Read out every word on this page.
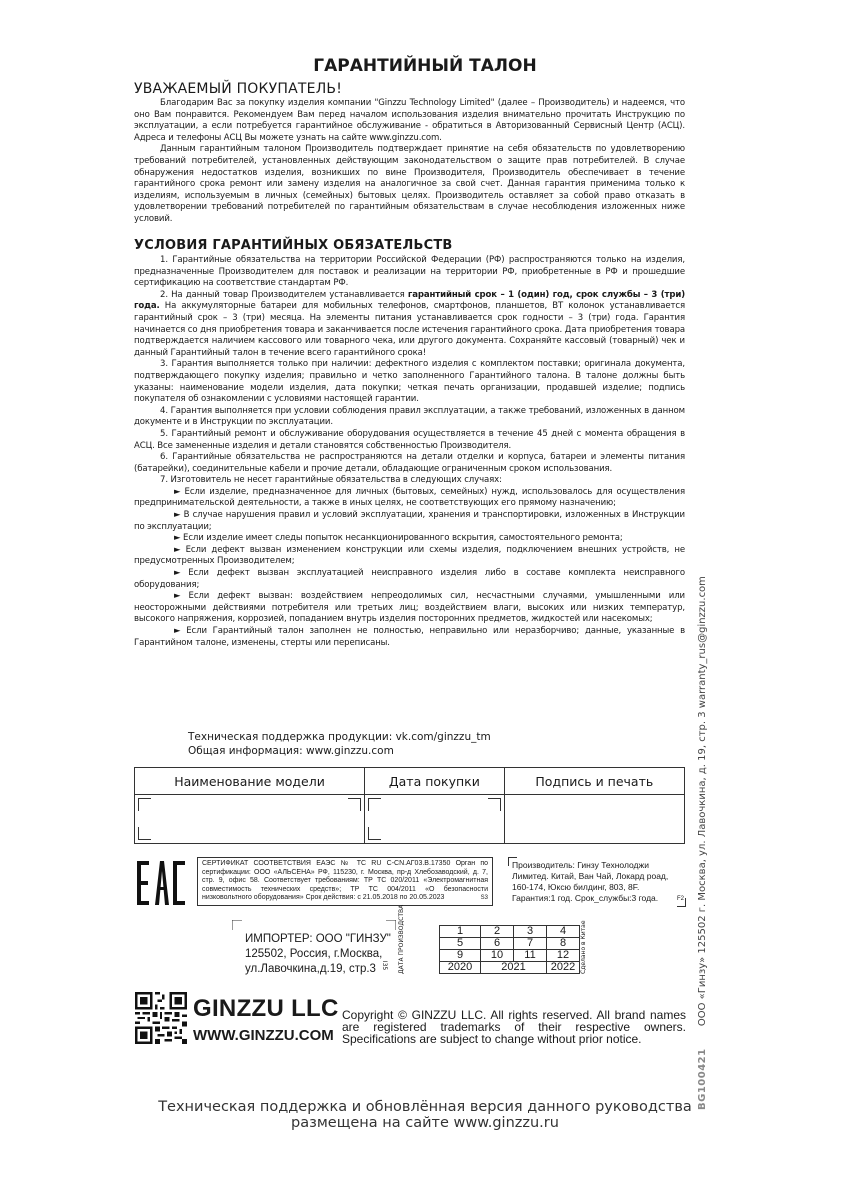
ГАРАНТИЙНЫЙ ТАЛОН
УВАЖАЕМЫЙ ПОКУПАТЕЛЬ!

Благодарим Вас за покупку изделия компании "Ginzzu Technology Limited" (далее – Производитель) и надеемся, что оно Вам понравится. Рекомендуем Вам перед началом использования изделия внимательно прочитать Инструкцию по эксплуатации, а если потребуется гарантийное обслуживание - обратиться в Авторизованный Сервисный Центр (АСЦ). Адреса и телефоны АСЦ Вы можете узнать на сайте www.ginzzu.com.

Данным гарантийным талоном Производитель подтверждает принятие на себя обязательств по удовлетворению требований потребителей, установленных действующим законодательством о защите прав потребителей. В случае обнаружения недостатков изделия, возникших по вине Производителя, Производитель обеспечивает в течение гарантийного срока ремонт или замену изделия на аналогичное за свой счет. Данная гарантия применима только к изделиям, используемым в личных (семейных) бытовых целях. Производитель оставляет за собой право отказать в удовлетворении требований потребителей по гарантийным обязательствам в случае несоблюдения изложенных ниже условий.

УСЛОВИЯ ГАРАНТИЙНЫХ ОБЯЗАТЕЛЬСТВ

1. Гарантийные обязательства на территории Российской Федерации (РФ) распространяются только на изделия, предназначенные Производителем для поставок и реализации на территории РФ, приобретенные в РФ и прошедшие сертификацию на соответствие стандартам РФ.

2. На данный товар Производителем устанавливается гарантийный срок – 1 (один) год, срок службы – 3 (три) года. На аккумуляторные батареи для мобильных телефонов, смартфонов, планшетов, BT колонок устанавливается гарантийный срок – 3 (три) месяца. На элементы питания устанавливается срок годности – 3 (три) года. Гарантия начинается со дня приобретения товара и заканчивается после истечения гарантийного срока. Дата приобретения товара подтверждается наличием кассового или товарного чека, или другого документа. Сохраняйте кассовый (товарный) чек и данный Гарантийный талон в течение всего гарантийного срока!

3. Гарантия выполняется только при наличии: дефектного изделия с комплектом поставки; оригинала документа, подтверждающего покупку изделия; правильно и четко заполненного Гарантийного талона. В талоне должны быть указаны: наименование модели изделия, дата покупки; четкая печать организации, продавшей изделие; подпись покупателя об ознакомлении с условиями настоящей гарантии.

4. Гарантия выполняется при условии соблюдения правил эксплуатации, а также требований, изложенных в данном документе и в Инструкции по эксплуатации.

5. Гарантийный ремонт и обслуживание оборудования осуществляется в течение 45 дней с момента обращения в АСЦ. Все замененные изделия и детали становятся собственностью Производителя.

6. Гарантийные обязательства не распространяются на детали отделки и корпуса, батареи и элементы питания (батарейки), соединительные кабели и прочие детали, обладающие ограниченным сроком использования.

7. Изготовитель не несет гарантийные обязательства в следующих случаях:

► Если изделие, предназначенное для личных (бытовых, семейных) нужд, использовалось для осуществления предпринимательской деятельности, а также в иных целях, не соответствующих его прямому назначению;

► В случае нарушения правил и условий эксплуатации, хранения и транспортировки, изложенных в Инструкции по эксплуатации;

► Если изделие имеет следы попыток несанкционированного вскрытия, самостоятельного ремонта;

► Если дефект вызван изменением конструкции или схемы изделия, подключением внешних устройств, не предусмотренных Производителем;

► Если дефект вызван эксплуатацией неисправного изделия либо в составе комплекта неисправного оборудования;

► Если дефект вызван: воздействием непреодолимых сил, несчастными случаями, умышленными или неосторожными действиями потребителя или третьих лиц; воздействием влаги, высоких или низких температур, высокого напряжения, коррозией, попаданием внутрь изделия посторонних предметов, жидкостей или насекомых;

► Если Гарантийный талон заполнен не полностью, неправильно или неразборчиво; данные, указанные в Гарантийном талоне, изменены, стерты или переписаны.

Техническая поддержка продукции: vk.com/ginzzu_tm
Общая информация: www.ginzzu.com
Наименование модели	Дата покупки	Подпись и печать

BG100421       ООО «Гинзу» 125502 г. Москва, ул. Лавочкина, д. 19, стр. 3 warranty_rus@ginzzu.com
СЕРТИФИКАТ СООТВЕТСТВИЯ ЕАЭС № TC RU C-CN.АГ03.В.17350 Орган по сертификации: ООО «АЛЬСЕНА» РФ, 115230, г. Москва, пр-д Хлебозаводский, д. 7, стр. 9, офис 58. Соответствует требованиям: ТР ТС 020/2011 «Электромагнитная совместимость технических средств»; ТР ТС 004/2011 «О безопасности низковольтного оборудования» Срок действия: с 21.05.2018 по 20.05.2023	S3
Производитель: Гинзу Технолоджи Лимитед. Китай, Ван Чай, Локард роад, 160-174, Юксю билдинг, 803, 8F. Гарантия:1 год. Срок_службы:3 года.	F2
ИМПОРТЕР: ООО "ГИНЗУ"
125502, Россия, г.Москва,
ул.Лавочкина,д.19, стр.3 I35 ДАТА ПРОИЗВОДСТВА	1	2	3	4
5	6	7	8
9	10	11	12
2020	2021		2022 Сделано в Китае
GINZZU LLC
WWW.GINZZU.COM
Copyright © GINZZU LLC. All rights reserved. All brand names are registered trademarks of their respective owners. Specifications are subject to change without prior notice.
Техническая поддержка и обновлённая версия данного руководства
размещена на сайте www.ginzzu.ru
